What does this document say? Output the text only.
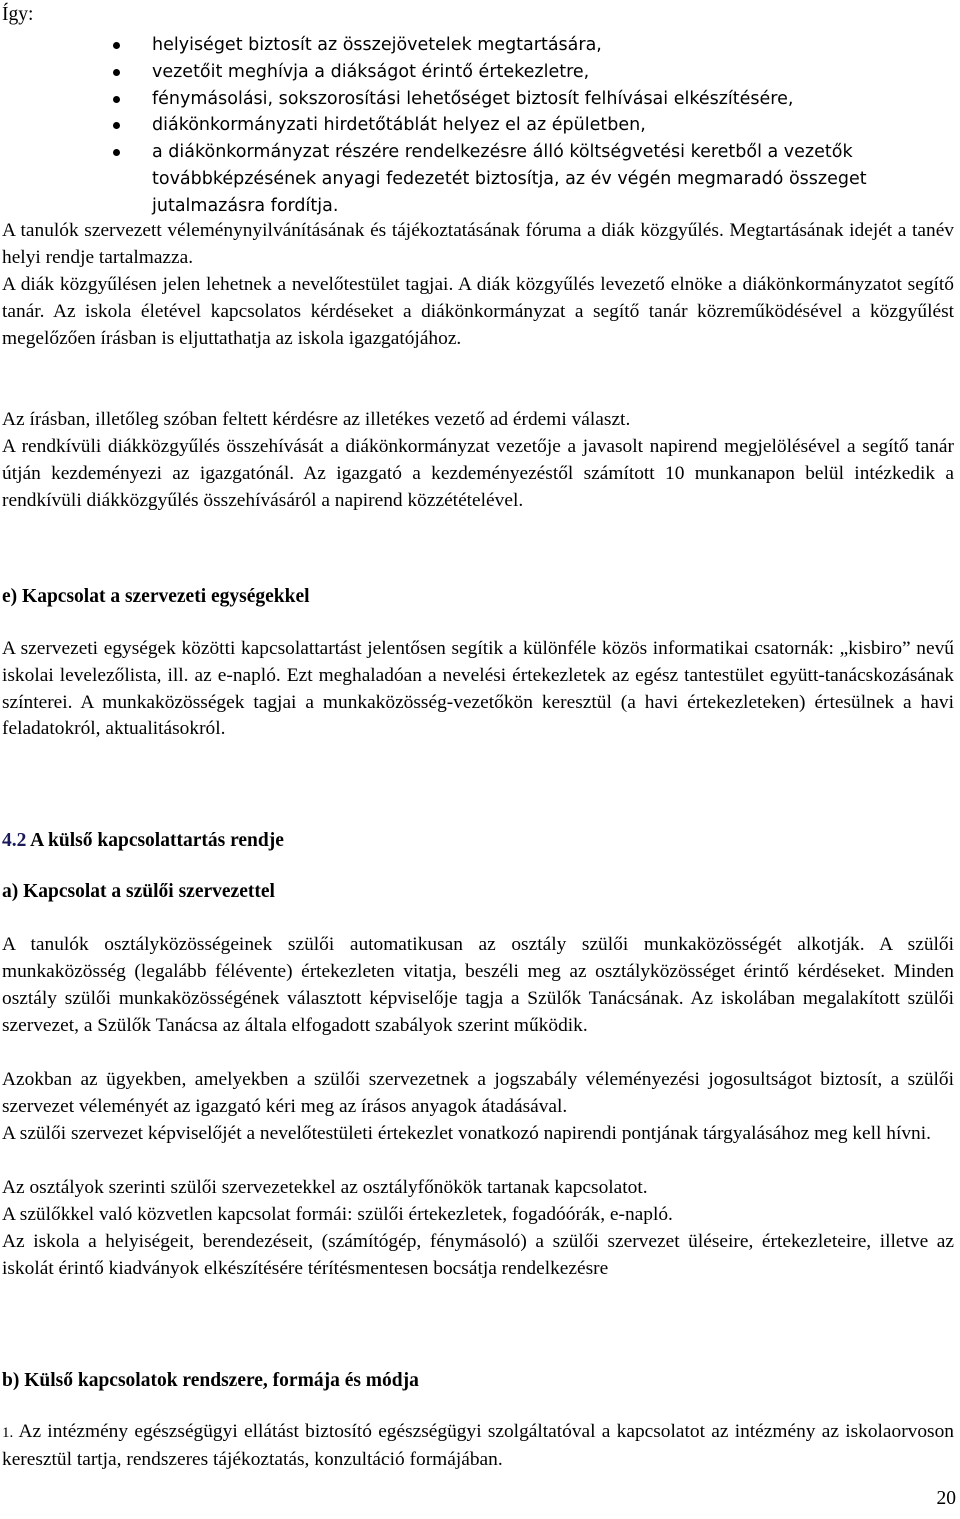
Így:
helyiséget biztosít az összejövetelek megtartására,
vezetőit meghívja a diákságot érintő értekezletre,
fénymásolási, sokszorosítási lehetőséget biztosít felhívásai elkészítésére,
diákönkormányzati hirdetőtáblát helyez el az épületben,
a diákönkormányzat részére rendelkezésre álló költségvetési keretből a vezetők továbbképzésének anyagi fedezetét biztosítja, az év végén megmaradó összeget jutalmazásra fordítja.

A tanulók szervezett véleménynyilvánításának és tájékoztatásának fóruma a diák közgyűlés. Megtartásának idejét a tanév helyi rendje tartalmazza.

A diák közgyűlésen jelen lehetnek a nevelőtestület tagjai. A diák közgyűlés levezető elnöke a diákönkormányzatot segítő tanár. Az iskola életével kapcsolatos kérdéseket a diákönkormányzat a segítő tanár közreműködésével a közgyűlést megelőzően írásban is eljuttathatja az iskola igazgatójához.

Az írásban, illetőleg szóban feltett kérdésre az illetékes vezető ad érdemi választ.

A rendkívüli diákközgyűlés összehívását a diákönkormányzat vezetője a javasolt napirend megjelölésével a segítő tanár útján kezdeményezi az igazgatónál. Az igazgató a kezdeményezéstől számított 10 munkanapon belül intézkedik a rendkívüli diákközgyűlés összehívásáról a napirend közzétételével.

e) Kapcsolat a szervezeti egységekkel

A szervezeti egységek közötti kapcsolattartást jelentősen segítik a különféle közös informatikai csatornák: „kisbiro” nevű iskolai levelezőlista, ill. az e-napló. Ezt meghaladóan a nevelési értekezletek az egész tantestület együtt-tanácskozásának színterei. A munkaközösségek tagjai a munkaközösség-vezetőkön keresztül (a havi értekezleteken) értesülnek a havi feladatokról, aktualitásokról.

4.2 A külső kapcsolattartás rendje
a) Kapcsolat a szülői szervezettel

A tanulók osztályközösségeinek szülői automatikusan az osztály szülői munkaközösségét alkotják. A szülői munkaközösség (legalább félévente) értekezleten vitatja, beszéli meg az osztályközösséget érintő kérdéseket. Minden osztály szülői munkaközösségének választott képviselője tagja a Szülők Tanácsának. Az iskolában megalakított szülői szervezet, a Szülők Tanácsa az általa elfogadott szabályok szerint működik.

Azokban az ügyekben, amelyekben a szülői szervezetnek a jogszabály véleményezési jogosultságot biztosít, a szülői szervezet véleményét az igazgató kéri meg az írásos anyagok átadásával.

A szülői szervezet képviselőjét a nevelőtestületi értekezlet vonatkozó napirendi pontjának tárgyalásához meg kell hívni.

Az osztályok szerinti szülői szervezetekkel az osztályfőnökök tartanak kapcsolatot.

A szülőkkel való közvetlen kapcsolat formái: szülői értekezletek, fogadóórák, e-napló.

Az iskola a helyiségeit, berendezéseit, (számítógép, fénymásoló) a szülői szervezet üléseire, értekezleteire, illetve az iskolát érintő kiadványok elkészítésére térítésmentesen bocsátja rendelkezésre

b) Külső kapcsolatok rendszere, formája és módja

1. Az intézmény egészségügyi ellátást biztosító egészségügyi szolgáltatóval a kapcsolatot az intézmény az iskolaorvoson keresztül tartja, rendszeres tájékoztatás, konzultáció formájában.

20
